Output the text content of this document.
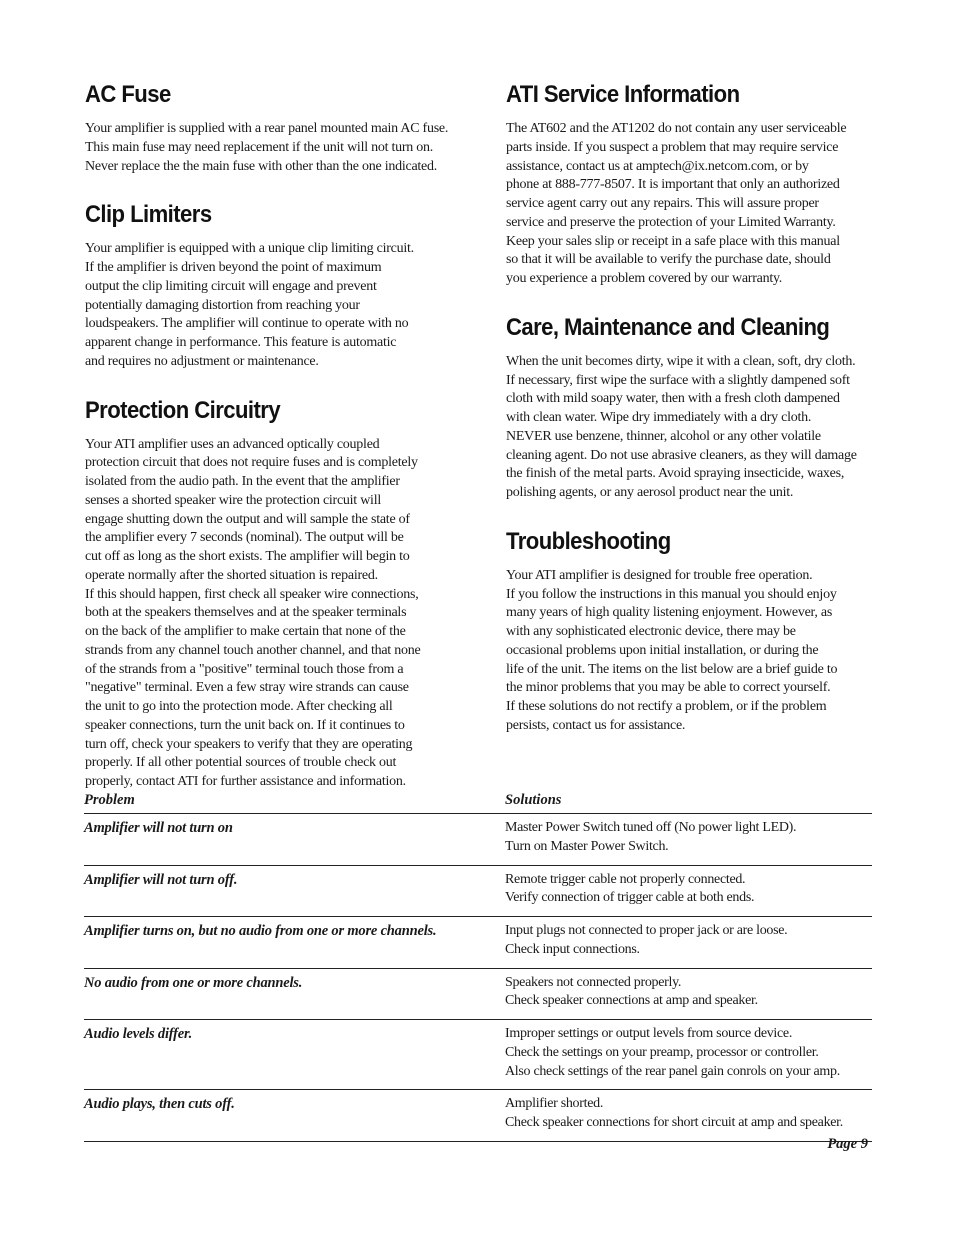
AC Fuse

Your amplifier is supplied with a rear panel mounted main AC fuse.
This main fuse may need replacement if the unit will not turn on.
Never replace the the main fuse with other than the one indicated.

Clip Limiters

Your amplifier is equipped with a unique clip limiting circuit.
If the amplifier is driven beyond the point of maximum
output the clip limiting circuit will engage and prevent
potentially damaging distortion from reaching your
loudspeakers. The amplifier will continue to operate with no
apparent change in performance. This feature is automatic
and requires no adjustment or maintenance.

Protection Circuitry

Your ATI amplifier uses an advanced optically coupled
protection circuit that does not require fuses and is completely
isolated from the audio path. In the event that the amplifier
senses a shorted speaker wire the protection circuit will
engage shutting down the output and will sample the state of
the amplifier every 7 seconds (nominal). The output will be
cut off as long as the short exists. The amplifier will begin to
operate normally after the shorted situation is repaired.
If this should happen, first check all speaker wire connections,
both at the speakers themselves and at the speaker terminals
on the back of the amplifier to make certain that none of the
strands from any channel touch another channel, and that none
of the strands from a "positive" terminal touch those from a
"negative" terminal. Even a few stray wire strands can cause
the unit to go into the protection mode. After checking all
speaker connections, turn the unit back on. If it continues to
turn off, check your speakers to verify that they are operating
properly. If all other potential sources of trouble check out
properly, contact ATI for further assistance and information.

ATI Service Information

The AT602 and the AT1202 do not contain any user serviceable
parts inside. If you suspect a problem that may require service
assistance, contact us at amptech@ix.netcom.com, or by
phone at 888-777-8507. It is important that only an authorized
service agent carry out any repairs. This will assure proper
service and preserve the protection of your Limited Warranty.
Keep your sales slip or receipt in a safe place with this manual
so that it will be available to verify the purchase date, should
you experience a problem covered by our warranty.

Care, Maintenance and Cleaning

When the unit becomes dirty, wipe it with a clean, soft, dry cloth.
If necessary, first wipe the surface with a slightly dampened soft
cloth with mild soapy water, then with a fresh cloth dampened
with clean water. Wipe dry immediately with a dry cloth.
NEVER use benzene, thinner, alcohol or any other volatile
cleaning agent. Do not use abrasive cleaners, as they will damage
the finish of the metal parts. Avoid spraying insecticide, waxes,
polishing agents, or any aerosol product near the unit.

Troubleshooting

Your ATI amplifier is designed for trouble free operation.
If you follow the instructions in this manual you should enjoy
many years of high quality listening enjoyment. However, as
with any sophisticated electronic device, there may be
occasional problems upon initial installation, or during the
life of the unit. The items on the list below are a brief guide to
the minor problems that you may be able to correct yourself.
If these solutions do not rectify a problem, or if the problem
persists, contact us for assistance.

Problem	Solutions
Amplifier will not turn on	Master Power Switch tuned off (No power light LED).
Turn on Master Power Switch.
Amplifier will not turn off.	Remote trigger cable not properly connected.
Verify connection of trigger cable at both ends.
Amplifier turns on, but no audio from one or more channels.	Input plugs not connected to proper jack or are loose.
Check input connections.
No audio from one or more channels.	Speakers not connected properly.
Check speaker connections at amp and speaker.
Audio levels differ.	Improper settings or output levels from source device.
Check the settings on your preamp, processor or controller.
Also check settings of the rear panel gain conrols on your amp.
Audio plays, then cuts off.	Amplifier shorted.
Check speaker connections for short circuit at amp and speaker.
Page 9
